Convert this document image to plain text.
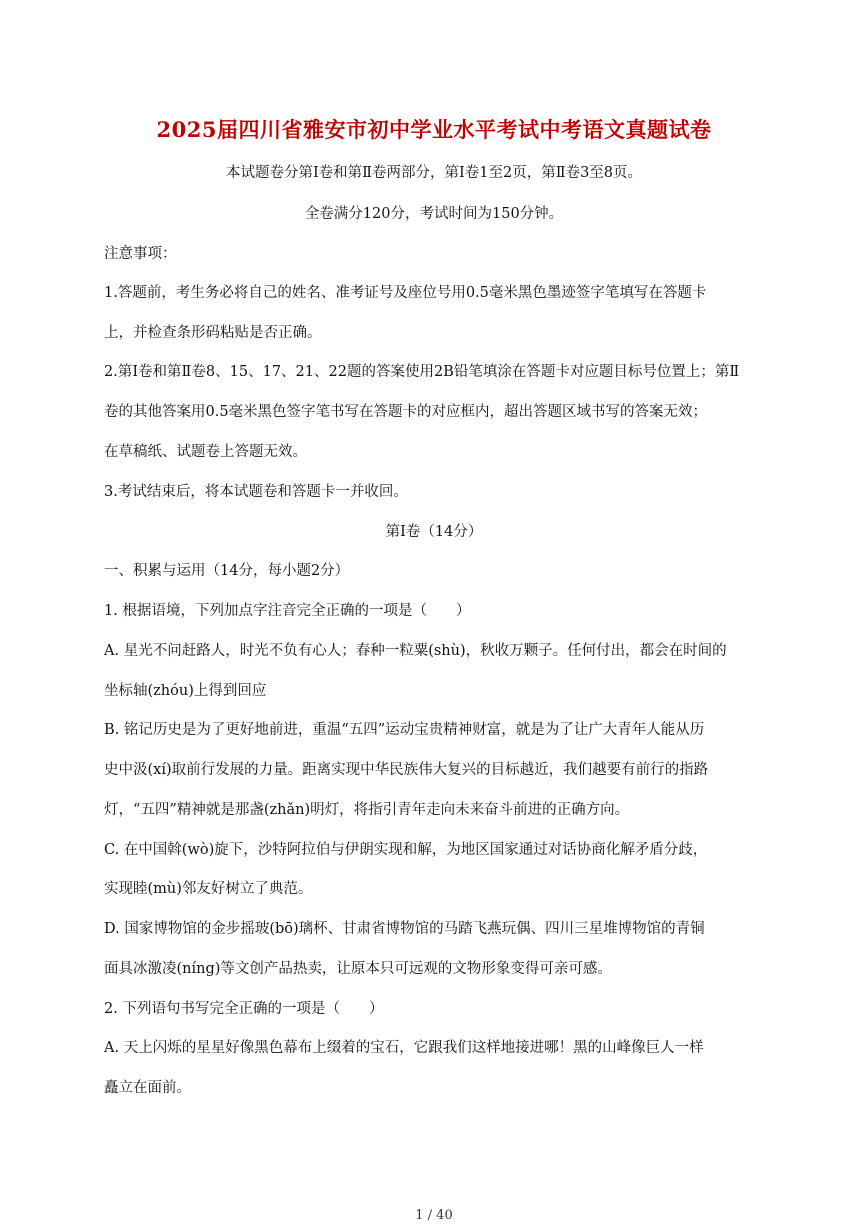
2025届四川省雅安市初中学业水平考试中考语文真题试卷
本试题卷分第Ⅰ卷和第Ⅱ卷两部分，第Ⅰ卷1至2页，第Ⅱ卷3至8页。
全卷满分120分，考试时间为150分钟。
注意事项：
1.答题前，考生务必将自己的姓名、准考证号及座位号用0.5毫米黑色墨迹签字笔填写在答题卡
上，并检查条形码粘贴是否正确。
2.第Ⅰ卷和第Ⅱ卷8、15、17、21、22题的答案使用2B铅笔填涂在答题卡对应题目标号位置上；第Ⅱ
卷的其他答案用0.5毫米黑色签字笔书写在答题卡的对应框内，超出答题区域书写的答案无效；
在草稿纸、试题卷上答题无效。
3.考试结束后，将本试题卷和答题卡一并收回。
第Ⅰ卷（14分）
一、积累与运用（14分，每小题2分）
1. 根据语境，下列加点字注音完全正确的一项是（　　）
A. 星光不问赶路人，时光不负有心人；春种一粒粟(shù)，秋收万颗子。任何付出，都会在时间的
坐标轴(zhóu)上得到回应
B. 铭记历史是为了更好地前进，重温“五四”运动宝贵精神财富，就是为了让广大青年人能从历
史中汲(xí)取前行发展的力量。距离实现中华民族伟大复兴的目标越近，我们越要有前行的指路
灯，“五四”精神就是那盏(zhǎn)明灯，将指引青年走向未来奋斗前进的正确方向。
C. 在中国斡(wò)旋下，沙特阿拉伯与伊朗实现和解，为地区国家通过对话协商化解矛盾分歧，
实现睦(mù)邻友好树立了典范。
D. 国家博物馆的金步摇玻(bō)璃杯、甘肃省博物馆的马踏飞燕玩偶、四川三星堆博物馆的青铜
面具冰激凌(níng)等文创产品热卖，让原本只可远观的文物形象变得可亲可感。
2. 下列语句书写完全正确的一项是（　　）
A. 天上闪烁的星星好像黑色幕布上缀着的宝石，它跟我们这样地接进哪！黑的山峰像巨人一样
矗立在面前。
1 / 40
